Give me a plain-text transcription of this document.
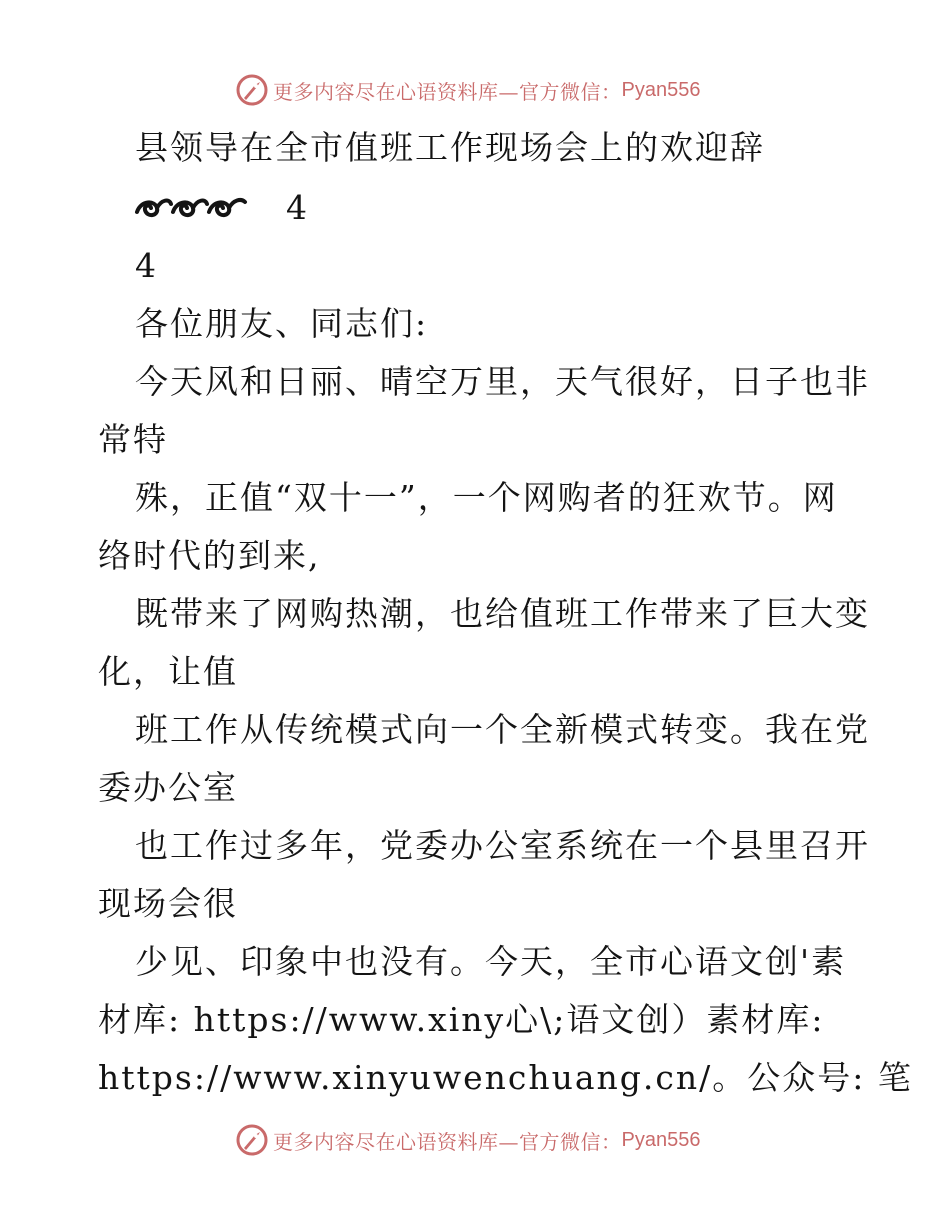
更多内容尽在心语资料库—官方微信： Pyan556
县领导在全市值班工作现场会上的欢迎辞
4
4
各位朋友、同志们:
今天风和日丽、晴空万里，天气很好，日子也非
常特
殊，正值“双十一”，一个网购者的狂欢节。网
络时代的到来,
既带来了网购热潮，也给值班工作带来了巨大变
化，让值
班工作从传统模式向一个全新模式转变。我在党
委办公室
也工作过多年，党委办公室系统在一个县里召开
现场会很
少见、印象中也没有。今天，全市心语文创'素
材库: https://www.xiny心\;语文创）素材库:
https://www.xinyuwenchuang.cn/。公众号: 笔
更多内容尽在心语资料库—官方微信： Pyan556
